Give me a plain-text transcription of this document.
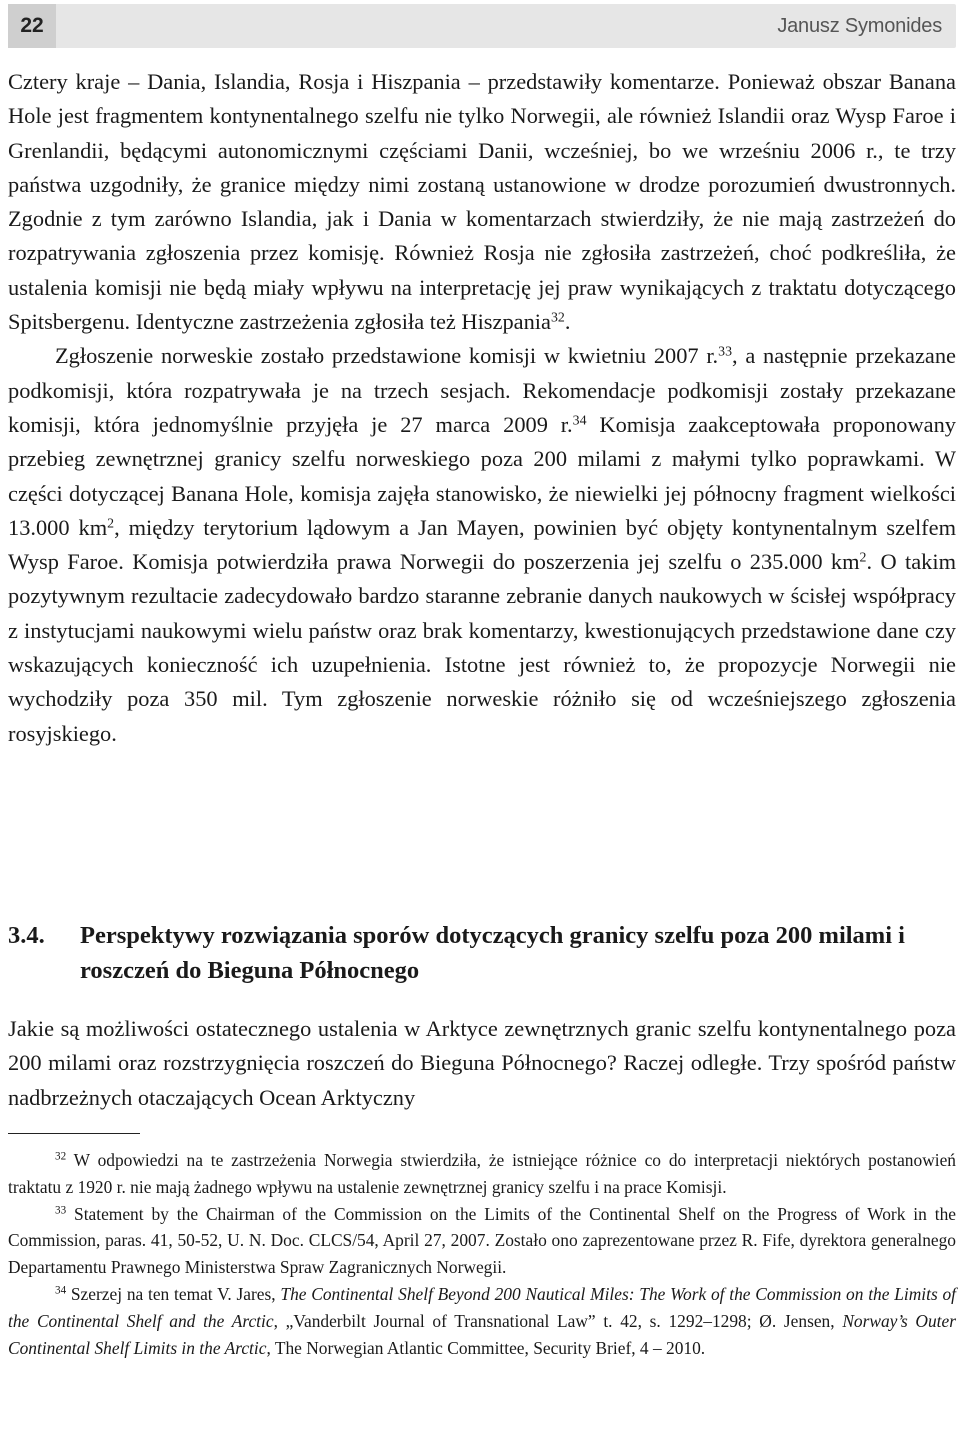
22	Janusz Symonides

Cztery kraje – Dania, Islandia, Rosja i Hiszpania – przedstawiły komentarze. Ponieważ obszar Banana Hole jest fragmentem kontynentalnego szelfu nie tylko Norwegii, ale również Islandii oraz Wysp Faroe i Grenlandii, będącymi autonomicznymi częściami Danii, wcześniej, bo we wrześniu 2006 r., te trzy państwa uzgodniły, że granice między nimi zostaną ustanowione w drodze porozumień dwustronnych. Zgodnie z tym zarówno Islandia, jak i Dania w komentarzach stwierdziły, że nie mają zastrzeżeń do rozpatrywania zgłoszenia przez komisję. Również Rosja nie zgłosiła zastrzeżeń, choć podkreśliła, że ustalenia komisji nie będą miały wpływu na interpretację jej praw wynikających z traktatu dotyczącego Spitsbergenu. Identyczne zastrzeżenia zgłosiła też Hiszpania$^{32}$.

Zgłoszenie norweskie zostało przedstawione komisji w kwietniu 2007 r.$^{33}$, a następnie przekazane podkomisji, która rozpatrywała je na trzech sesjach. Rekomendacje podkomisji zostały przekazane komisji, która jednomyślnie przyjęła je 27 marca 2009 r.$^{34}$ Komisja zaakceptowała proponowany przebieg zewnętrznej granicy szelfu norweskiego poza 200 milami z małymi tylko poprawkami. W części dotyczącej Banana Hole, komisja zajęła stanowisko, że niewielki jej północny fragment wielkości 13.000 $km^2$, między terytorium lądowym a Jan Mayen, powinien być objęty kontynentalnym szelfem Wysp Faroe. Komisja potwierdziła prawa Norwegii do poszerzenia jej szelfu o 235.000 $km^2$. O takim pozytywnym rezultacie zadecydowało bardzo staranne zebranie danych naukowych w ścisłej współpracy z instytucjami naukowymi wielu państw oraz brak komentarzy, kwestionujących przedstawione dane czy wskazujących konieczność ich uzupełnienia. Istotne jest również to, że propozycje Norwegii nie wychodziły poza 350 mil. Tym zgłoszenie norweskie różniło się od wcześniejszego zgłoszenia rosyjskiego.

3.4. Perspektywy rozwiązania sporów dotyczących granicy szelfu poza 200 milami i roszczeń do Bieguna Północnego

Jakie są możliwości ostatecznego ustalenia w Arktyce zewnętrznych granic szelfu kontynentalnego poza 200 milami oraz rozstrzygnięcia roszczeń do Bieguna Północnego? Raczej odległe. Trzy spośród państw nadbrzeżnych otaczających Ocean Arktyczny

$^{32}$ W odpowiedzi na te zastrzeżenia Norwegia stwierdziła, że istniejące różnice co do interpretacji niektórych postanowień traktatu z 1920 r. nie mają żadnego wpływu na ustalenie zewnętrznej granicy szelfu i na prace Komisji.

$^{33}$ Statement by the Chairman of the Commission on the Limits of the Continental Shelf on the Progress of Work in the Commission, paras. 41, 50-52, U. N. Doc. CLCS/54, April 27, 2007. Zostało ono zaprezentowane przez R. Fife, dyrektora generalnego Departamentu Prawnego Ministerstwa Spraw Zagranicznych Norwegii.

$^{34}$ Szerzej na ten temat V. Jares, The Continental Shelf Beyond 200 Nautical Miles: The Work of the Commission on the Limits of the Continental Shelf and the Arctic, „Vanderbilt Journal of Transnational Law” t. 42, s. 1292–1298; Ø. Jensen, Norway’s Outer Continental Shelf Limits in the Arctic, The Norwegian Atlantic Committee, Security Brief, 4 – 2010.
